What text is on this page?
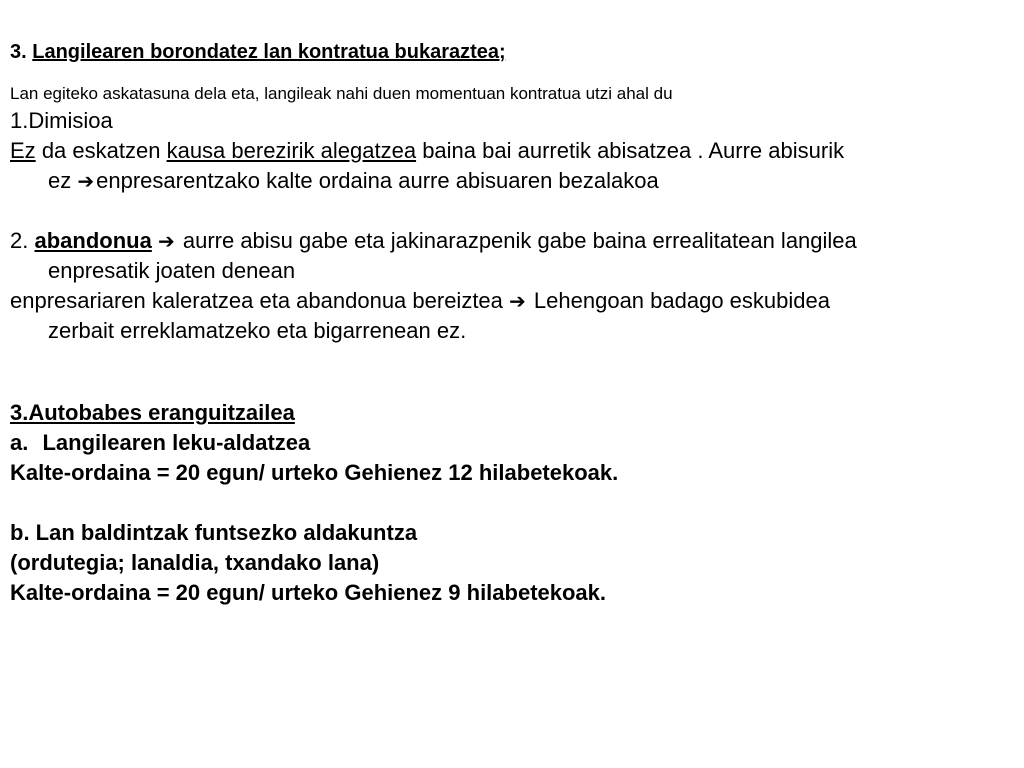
3. Langilearen borondatez lan kontratua bukaraztea;
Lan egiteko askatasuna dela eta, langileak nahi duen momentuan kontratua utzi ahal du
1.Dimisioa
Ez da eskatzen kausa berezirik alegatzea baina bai aurretik abisatzea . Aurre abisurik
ez ➔enpresarentzako kalte ordaina aurre abisuaren bezalakoa
2. abandonua ➔ aurre abisu gabe eta jakinarazpenik gabe baina errealitatean langilea
enpresatik joaten denean
enpresariaren kaleratzea eta abandonua bereiztea ➔ Lehengoan badago eskubidea
zerbait erreklamatzeko eta bigarrenean ez.
3.Autobabes eranguitzailea
a. Langilearen leku-aldatzea
Kalte-ordaina = 20 egun/ urteko Gehienez 12 hilabetekoak.
b. Lan baldintzak funtsezko aldakuntza
(ordutegia; lanaldia, txandako lana)
Kalte-ordaina = 20 egun/ urteko Gehienez 9 hilabetekoak.
